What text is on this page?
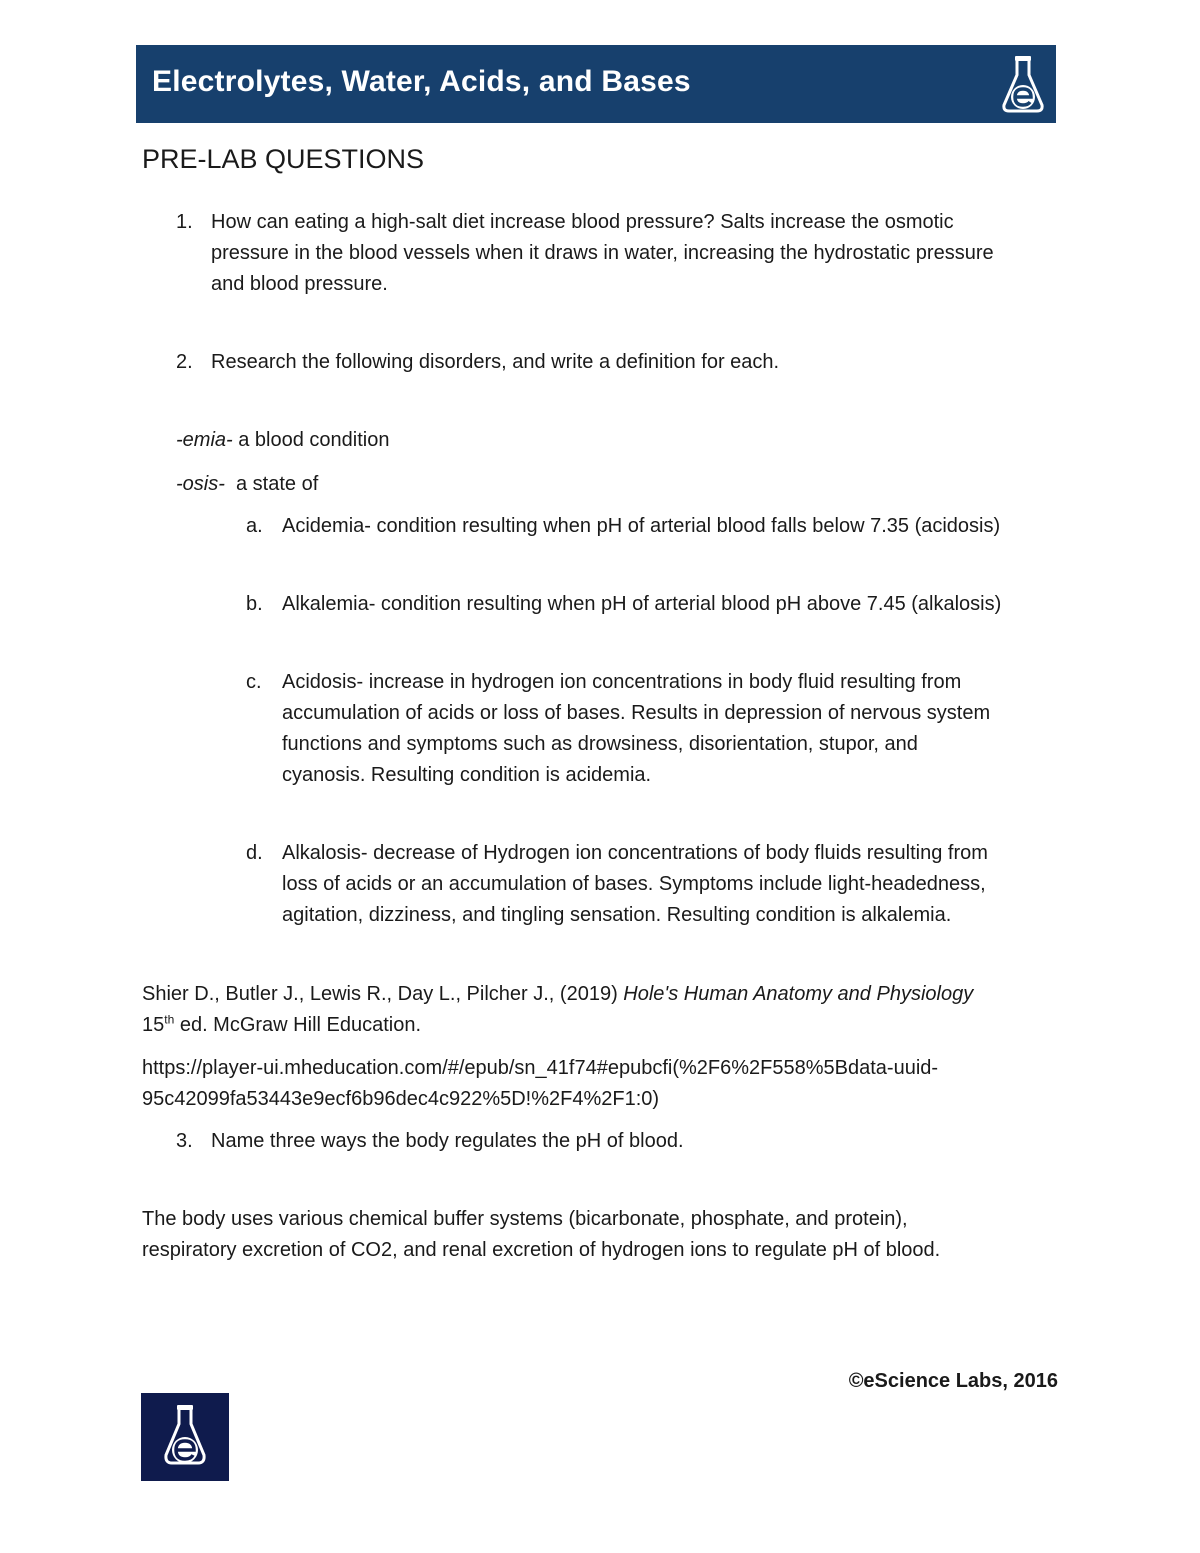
Electrolytes, Water, Acids, and Bases
PRE-LAB QUESTIONS
1. How can eating a high-salt diet increase blood pressure? Salts increase the osmotic
pressure in the blood vessels when it draws in water, increasing the hydrostatic pressure
and blood pressure.
2. Research the following disorders, and write a definition for each.
-emia- a blood condition
-osis-  a state of
a. Acidemia- condition resulting when pH of arterial blood falls below 7.35 (acidosis)
b. Alkalemia- condition resulting when pH of arterial blood pH above 7.45 (alkalosis)
c.	Acidosis- increase in hydrogen ion concentrations in body fluid resulting from
accumulation of acids or loss of bases. Results in depression of nervous system
functions and symptoms such as drowsiness, disorientation, stupor, and
cyanosis. Resulting condition is acidemia.
d. Alkalosis- decrease of Hydrogen ion concentrations of body fluids resulting from
loss of acids or an accumulation of bases. Symptoms include light-headedness,
agitation, dizziness, and tingling sensation. Resulting condition is alkalemia.
Shier D., Butler J., Lewis R., Day L., Pilcher J., (2019) Hole's Human Anatomy and Physiology
15th ed. McGraw Hill Education.
https://player-ui.mheducation.com/#/epub/sn_41f74#epubcfi(%2F6%2F558%5Bdata-uuid-
95c42099fa53443e9ecf6b96dec4c922%5D!%2F4%2F1:0)
3. Name three ways the body regulates the pH of blood.
The body uses various chemical buffer systems (bicarbonate, phosphate, and protein),
respiratory excretion of CO2, and renal excretion of hydrogen ions to regulate pH of blood.
©eScience Labs, 2016
